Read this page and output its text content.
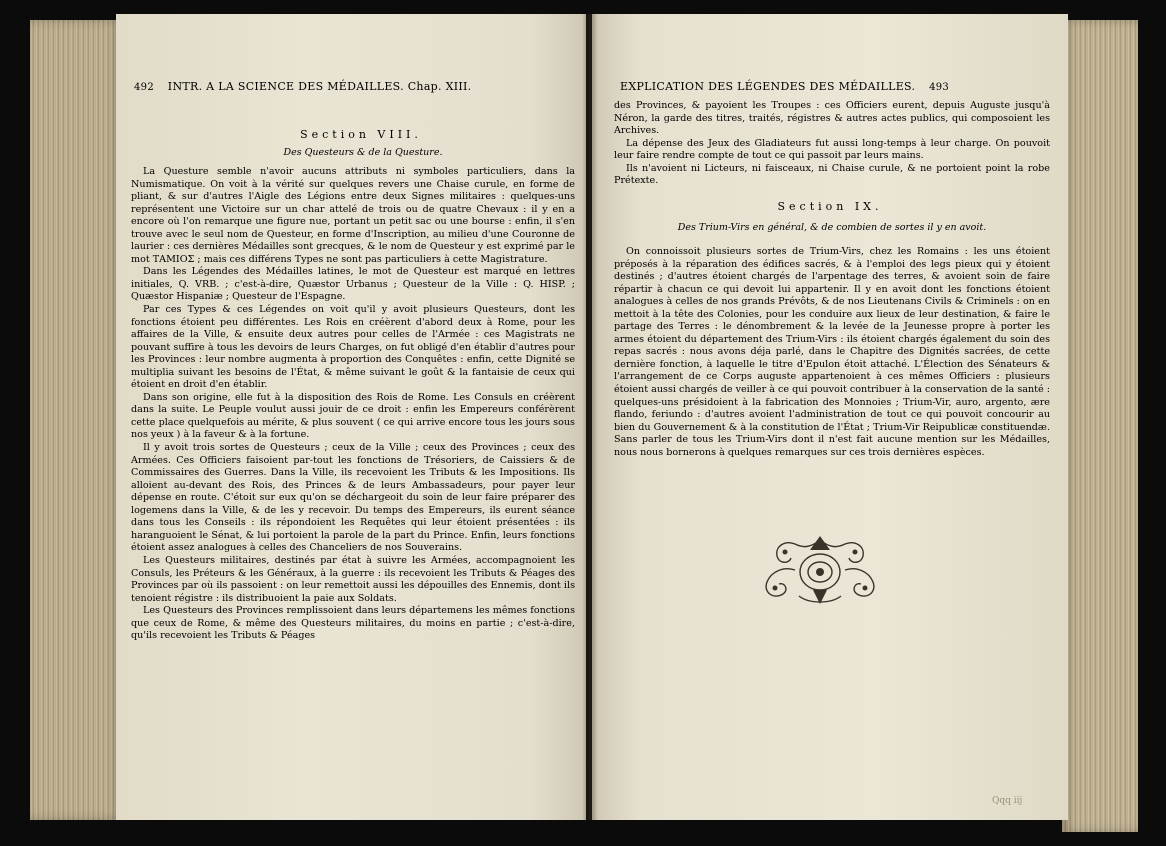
492 INTR. A LA SCIENCE DES MÉDAILLES. Chap. XIII.
Section VIII.
Des Questeurs & de la Questure.

La Questure semble n'avoir aucuns attributs ni symboles particuliers, dans la Numismatique. On voit à la vérité sur quelques revers une Chaise curule, en forme de pliant, & sur d'autres l'Aigle des Légions entre deux Signes militaires : quelques-uns représentent une Victoire sur un char attelé de trois ou de quatre Chevaux : il y en a encore où l'on remarque une figure nue, portant un petit sac ou une bourse : enfin, il s'en trouve avec le seul nom de Questeur, en forme d'Inscription, au milieu d'une Couronne de laurier : ces dernières Médailles sont grecques, & le nom de Questeur y est exprimé par le mot ΤΑΜΙΟΣ ; mais ces différens Types ne sont pas particuliers à cette Magistrature.

Dans les Légendes des Médailles latines, le mot de Questeur est marqué en lettres initiales, Q. VRB. ; c'est-à-dire, Quæstor Urbanus ; Questeur de la Ville : Q. HISP. ; Quæstor Hispaniæ ; Questeur de l'Espagne.

Par ces Types & ces Légendes on voit qu'il y avoit plusieurs Questeurs, dont les fonctions étoient peu différentes. Les Rois en créèrent d'abord deux à Rome, pour les affaires de la Ville, & ensuite deux autres pour celles de l'Armée : ces Magistrats ne pouvant suffire à tous les devoirs de leurs Charges, on fut obligé d'en établir d'autres pour les Provinces : leur nombre augmenta à proportion des Conquêtes : enfin, cette Dignité se multiplia suivant les besoins de l'État, & même suivant le goût & la fantaisie de ceux qui étoient en droit d'en établir.

Dans son origine, elle fut à la disposition des Rois de Rome. Les Consuls en créèrent dans la suite. Le Peuple voulut aussi jouir de ce droit : enfin les Empereurs conférèrent cette place quelquefois au mérite, & plus souvent ( ce qui arrive encore tous les jours sous nos yeux ) à la faveur & à la fortune.

Il y avoit trois sortes de Questeurs ; ceux de la Ville ; ceux des Provinces ; ceux des Armées. Ces Officiers faisoient par-tout les fonctions de Trésoriers, de Caissiers & de Commissaires des Guerres. Dans la Ville, ils recevoient les Tributs & les Impositions. Ils alloient au-devant des Rois, des Princes & de leurs Ambassadeurs, pour payer leur dépense en route. C'étoit sur eux qu'on se déchargeoit du soin de leur faire préparer des logemens dans la Ville, & de les y recevoir. Du temps des Empereurs, ils eurent séance dans tous les Conseils : ils répondoient les Requêtes qui leur étoient présentées : ils haranguoient le Sénat, & lui portoient la parole de la part du Prince. Enfin, leurs fonctions étoient assez analogues à celles des Chanceliers de nos Souverains.

Les Questeurs militaires, destinés par état à suivre les Armées, accompagnoient les Consuls, les Préteurs & les Généraux, à la guerre : ils recevoient les Tributs & Péages des Provinces par où ils passoient : on leur remettoit aussi les dépouilles des Ennemis, dont ils tenoient régistre : ils distribuoient la paie aux Soldats.

Les Questeurs des Provinces remplissoient dans leurs départemens les mêmes fonctions que ceux de Rome, & même des Questeurs militaires, du moins en partie ; c'est-à-dire, qu'ils recevoient les Tributs & Péages

EXPLICATION DES LÉGENDES DES MÉDAILLES. 493

des Provinces, & payoient les Troupes : ces Officiers eurent, depuis Auguste jusqu'à Néron, la garde des titres, traités, régistres & autres actes publics, qui composoient les Archives.

La dépense des Jeux des Gladiateurs fut aussi long-temps à leur charge. On pouvoit leur faire rendre compte de tout ce qui passoit par leurs mains.

Ils n'avoient ni Licteurs, ni faisceaux, ni Chaise curule, & ne portoient point la robe Prétexte.

Section IX.
Des Trium-Virs en général, & de combien de sortes il y en avoit.

On connoissoit plusieurs sortes de Trium-Virs, chez les Romains : les uns étoient préposés à la réparation des édifices sacrés, & à l'emploi des legs pieux qui y étoient destinés ; d'autres étoient chargés de l'arpentage des terres, & avoient soin de faire répartir à chacun ce qui devoit lui appartenir. Il y en avoit dont les fonctions étoient analogues à celles de nos grands Prévôts, & de nos Lieutenans Civils & Criminels : on en mettoit à la tête des Colonies, pour les conduire aux lieux de leur destination, & faire le partage des Terres : le dénombrement & la levée de la Jeunesse propre à porter les armes étoient du département des Trium-Virs : ils étoient chargés également du soin des repas sacrés : nous avons déja parlé, dans le Chapitre des Dignités sacrées, de cette dernière fonction, à laquelle le titre d'Epulon étoit attaché. L'Élection des Sénateurs & l'arrangement de ce Corps auguste appartenoient à ces mêmes Officiers : plusieurs étoient aussi chargés de veiller à ce qui pouvoit contribuer à la conservation de la santé : quelques-uns présidoient à la fabrication des Monnoies ; Trium-Vir, auro, argento, ære flando, feriundo : d'autres avoient l'administration de tout ce qui pouvoit concourir au bien du Gouvernement & à la constitution de l'État ; Trium-Vir Reipublicæ constituendæ. Sans parler de tous les Trium-Virs dont il n'est fait aucune mention sur les Médailles, nous nous bornerons à quelques remarques sur ces trois dernières espèces.

Qqq iij
